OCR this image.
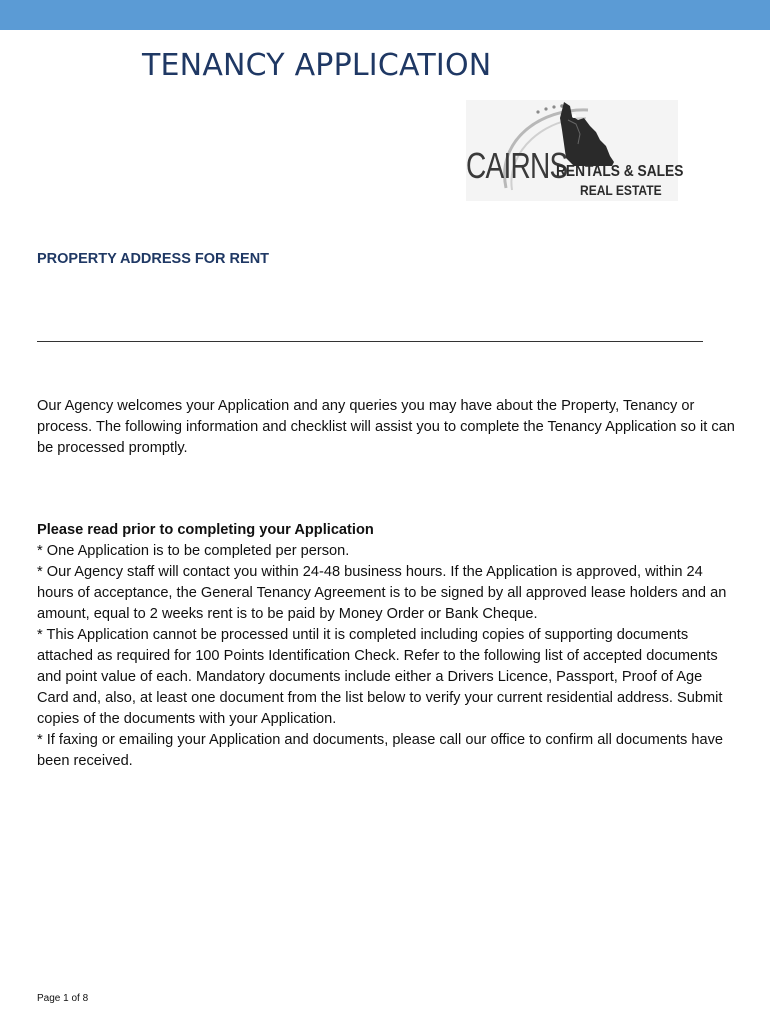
TENANCY APPLICATION
CAIRNS
RENTALS & SALES
REAL ESTATE
PROPERTY ADDRESS FOR RENT

Our Agency welcomes your Application and any queries you may have about the Property, Tenancy or process. The following information and checklist will assist you to complete the Tenancy Application so it can be processed promptly.

Please read prior to completing your Application

* One Application is to be completed per person.

* Our Agency staff will contact you within 24-48 business hours. If the Application is approved, within 24 hours of acceptance, the General Tenancy Agreement is to be signed by all approved lease holders and an amount, equal to 2 weeks rent is to be paid by Money Order or Bank Cheque.

* This Application cannot be processed until it is completed including copies of supporting documents attached as required for 100 Points Identification Check. Refer to the following list of accepted documents and point value of each. Mandatory documents include either a Drivers Licence, Passport, Proof of Age Card and, also, at least one document from the list below to verify your current residential address. Submit copies of the documents with your Application.

* If faxing or emailing your Application and documents, please call our office to confirm all documents have been received.

Page 1 of 8
